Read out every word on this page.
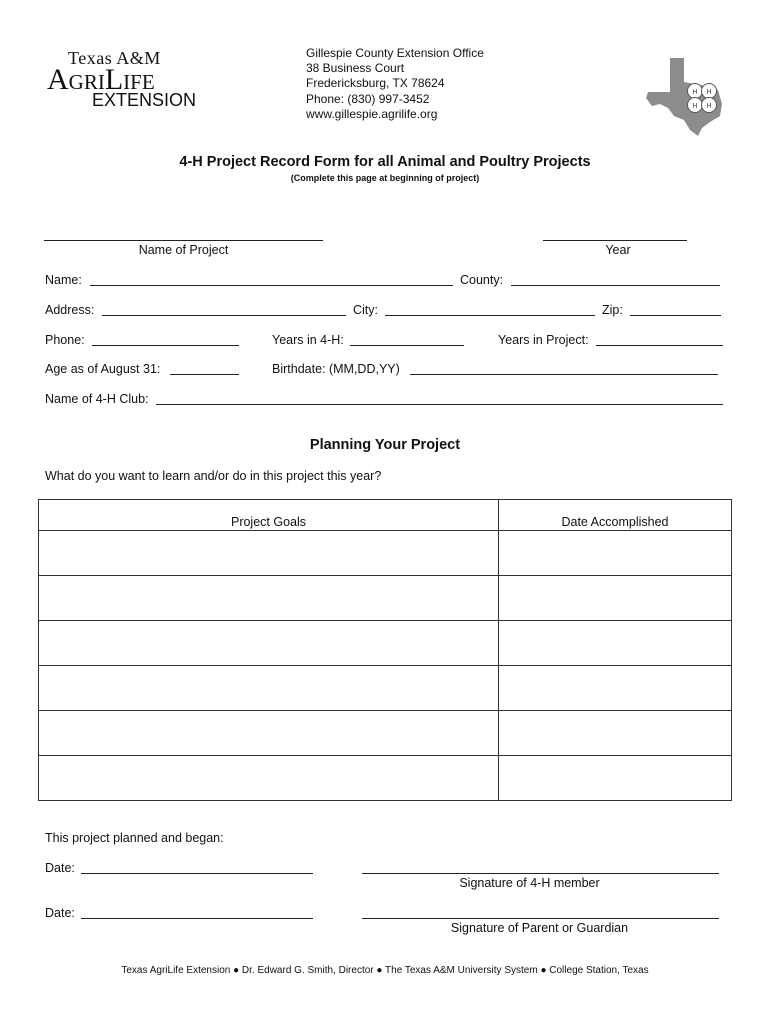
Texas A&M
AgriLife
EXTENSION
Gillespie County Extension Office
38 Business Court
Fredericksburg, TX 78624
Phone: (830) 997-3452
www.gillespie.agrilife.org
H H
H H
4-H Project Record Form for all Animal and Poultry Projects
(Complete this page at beginning of project)
Name of Project	Year
Name:	County:
Address:	City:	Zip:
Phone:	Years in 4-H:	Years in Project:
Age as of August 31:	Birthdate: (MM,DD,YY)
Name of 4-H Club:
Planning Your Project
What do you want to learn and/or do in this project this year?
Project Goals	Date Accomplished

This project planned and began:
Date:
Signature of 4-H member
Date:
Signature of Parent or Guardian
Texas AgriLife Extension ● Dr. Edward G. Smith, Director ● The Texas A&M University System ● College Station, Texas
